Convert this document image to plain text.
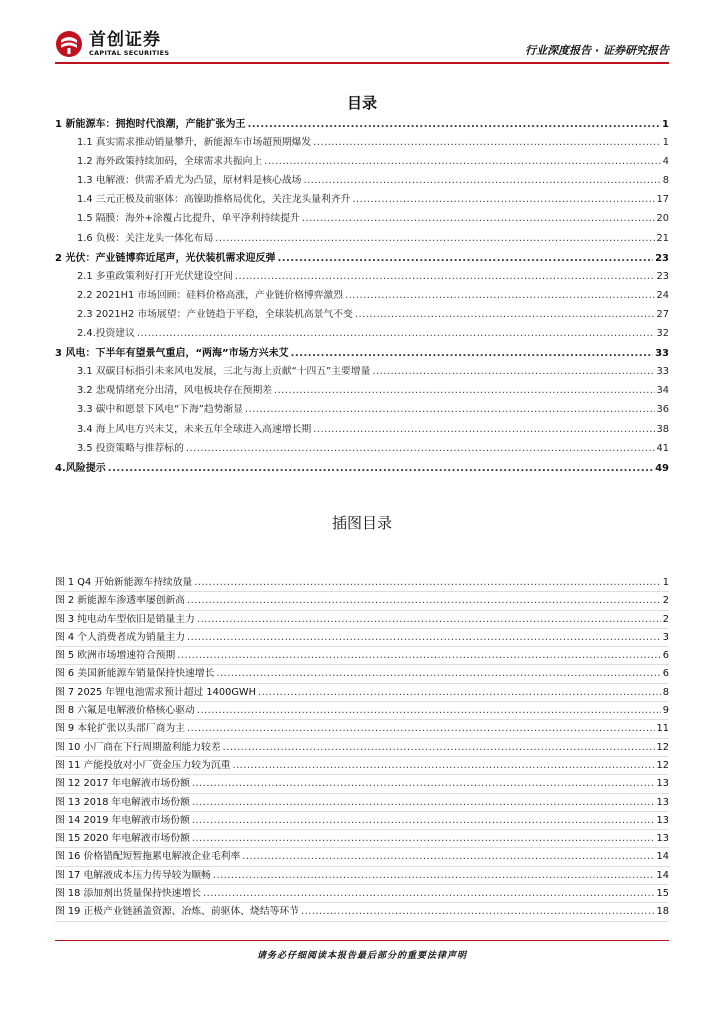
首创证券
CAPITAL SECURITIES	行业深度报告 · 证券研究报告
目录
1 新能源车：拥抱时代浪潮，产能扩张为王 .....	1
1.1 真实需求推动销量攀升，新能源车市场超预期爆发 .....	1
1.2 海外政策持续加码，全球需求共振向上 .....	4
1.3 电解液：供需矛盾尤为凸显，原材料是核心战场 .....	8
1.4 三元正极及前驱体：高镍助推格局优化，关注龙头量利齐升 .....	17
1.5 隔膜：海外+涂覆占比提升，单平净利持续提升 .....	20
1.6 负极：关注龙头一体化布局 .....	21
2 光伏：产业链博弈近尾声，光伏装机需求迎反弹 .....	23
2.1 多重政策利好打开光伏建设空间 .....	23
2.2 2021H1 市场回顾：硅料价格高涨，产业链价格博弈激烈 .....	24
2.3 2021H2 市场展望：产业链趋于平稳，全球装机高景气不变 .....	27
2.4.投资建议 .....	32
3 风电：下半年有望景气重启，“两海”市场方兴未艾 .....	33
3.1 双碳目标指引未来风电发展，三北与海上贡献“十四五”主要增量 .....	33
3.2 悲观情绪充分出清，风电板块存在预期差 .....	34
3.3 碳中和愿景下风电“下海”趋势渐显 .....	36
3.4 海上风电方兴未艾，未来五年全球进入高速增长期 .....	38
3.5 投资策略与推荐标的 .....	41
4.风险提示 .....	49
插图目录
图 1 Q4 开始新能源车持续放量 .....	1
图 2 新能源车渗透率屡创新高 .....	2
图 3 纯电动车型依旧是销量主力 .....	2
图 4 个人消费者成为销量主力 .....	3
图 5 欧洲市场增速符合预期 .....	6
图 6 美国新能源车销量保持快速增长 .....	6
图 7 2025 年锂电池需求预计超过 1400GWH .....	8
图 8 六氟是电解液价格核心驱动 .....	9
图 9 本轮扩张以头部厂商为主 .....	11
图 10 小厂商在下行周期盈利能力较差 .....	12
图 11 产能投放对小厂资金压力较为沉重 .....	12
图 12 2017 年电解液市场份额 .....	13
图 13 2018 年电解液市场份额 .....	13
图 14 2019 年电解液市场份额 .....	13
图 15 2020 年电解液市场份额 .....	13
图 16 价格错配短暂拖累电解液企业毛利率 .....	14
图 17 电解液成本压力传导较为顺畅 .....	14
图 18 添加剂出货量保持快速增长 .....	15
图 19 正极产业链涵盖资源、冶炼、前驱体、烧结等环节 .....	18
请务必仔细阅读本报告最后部分的重要法律声明
